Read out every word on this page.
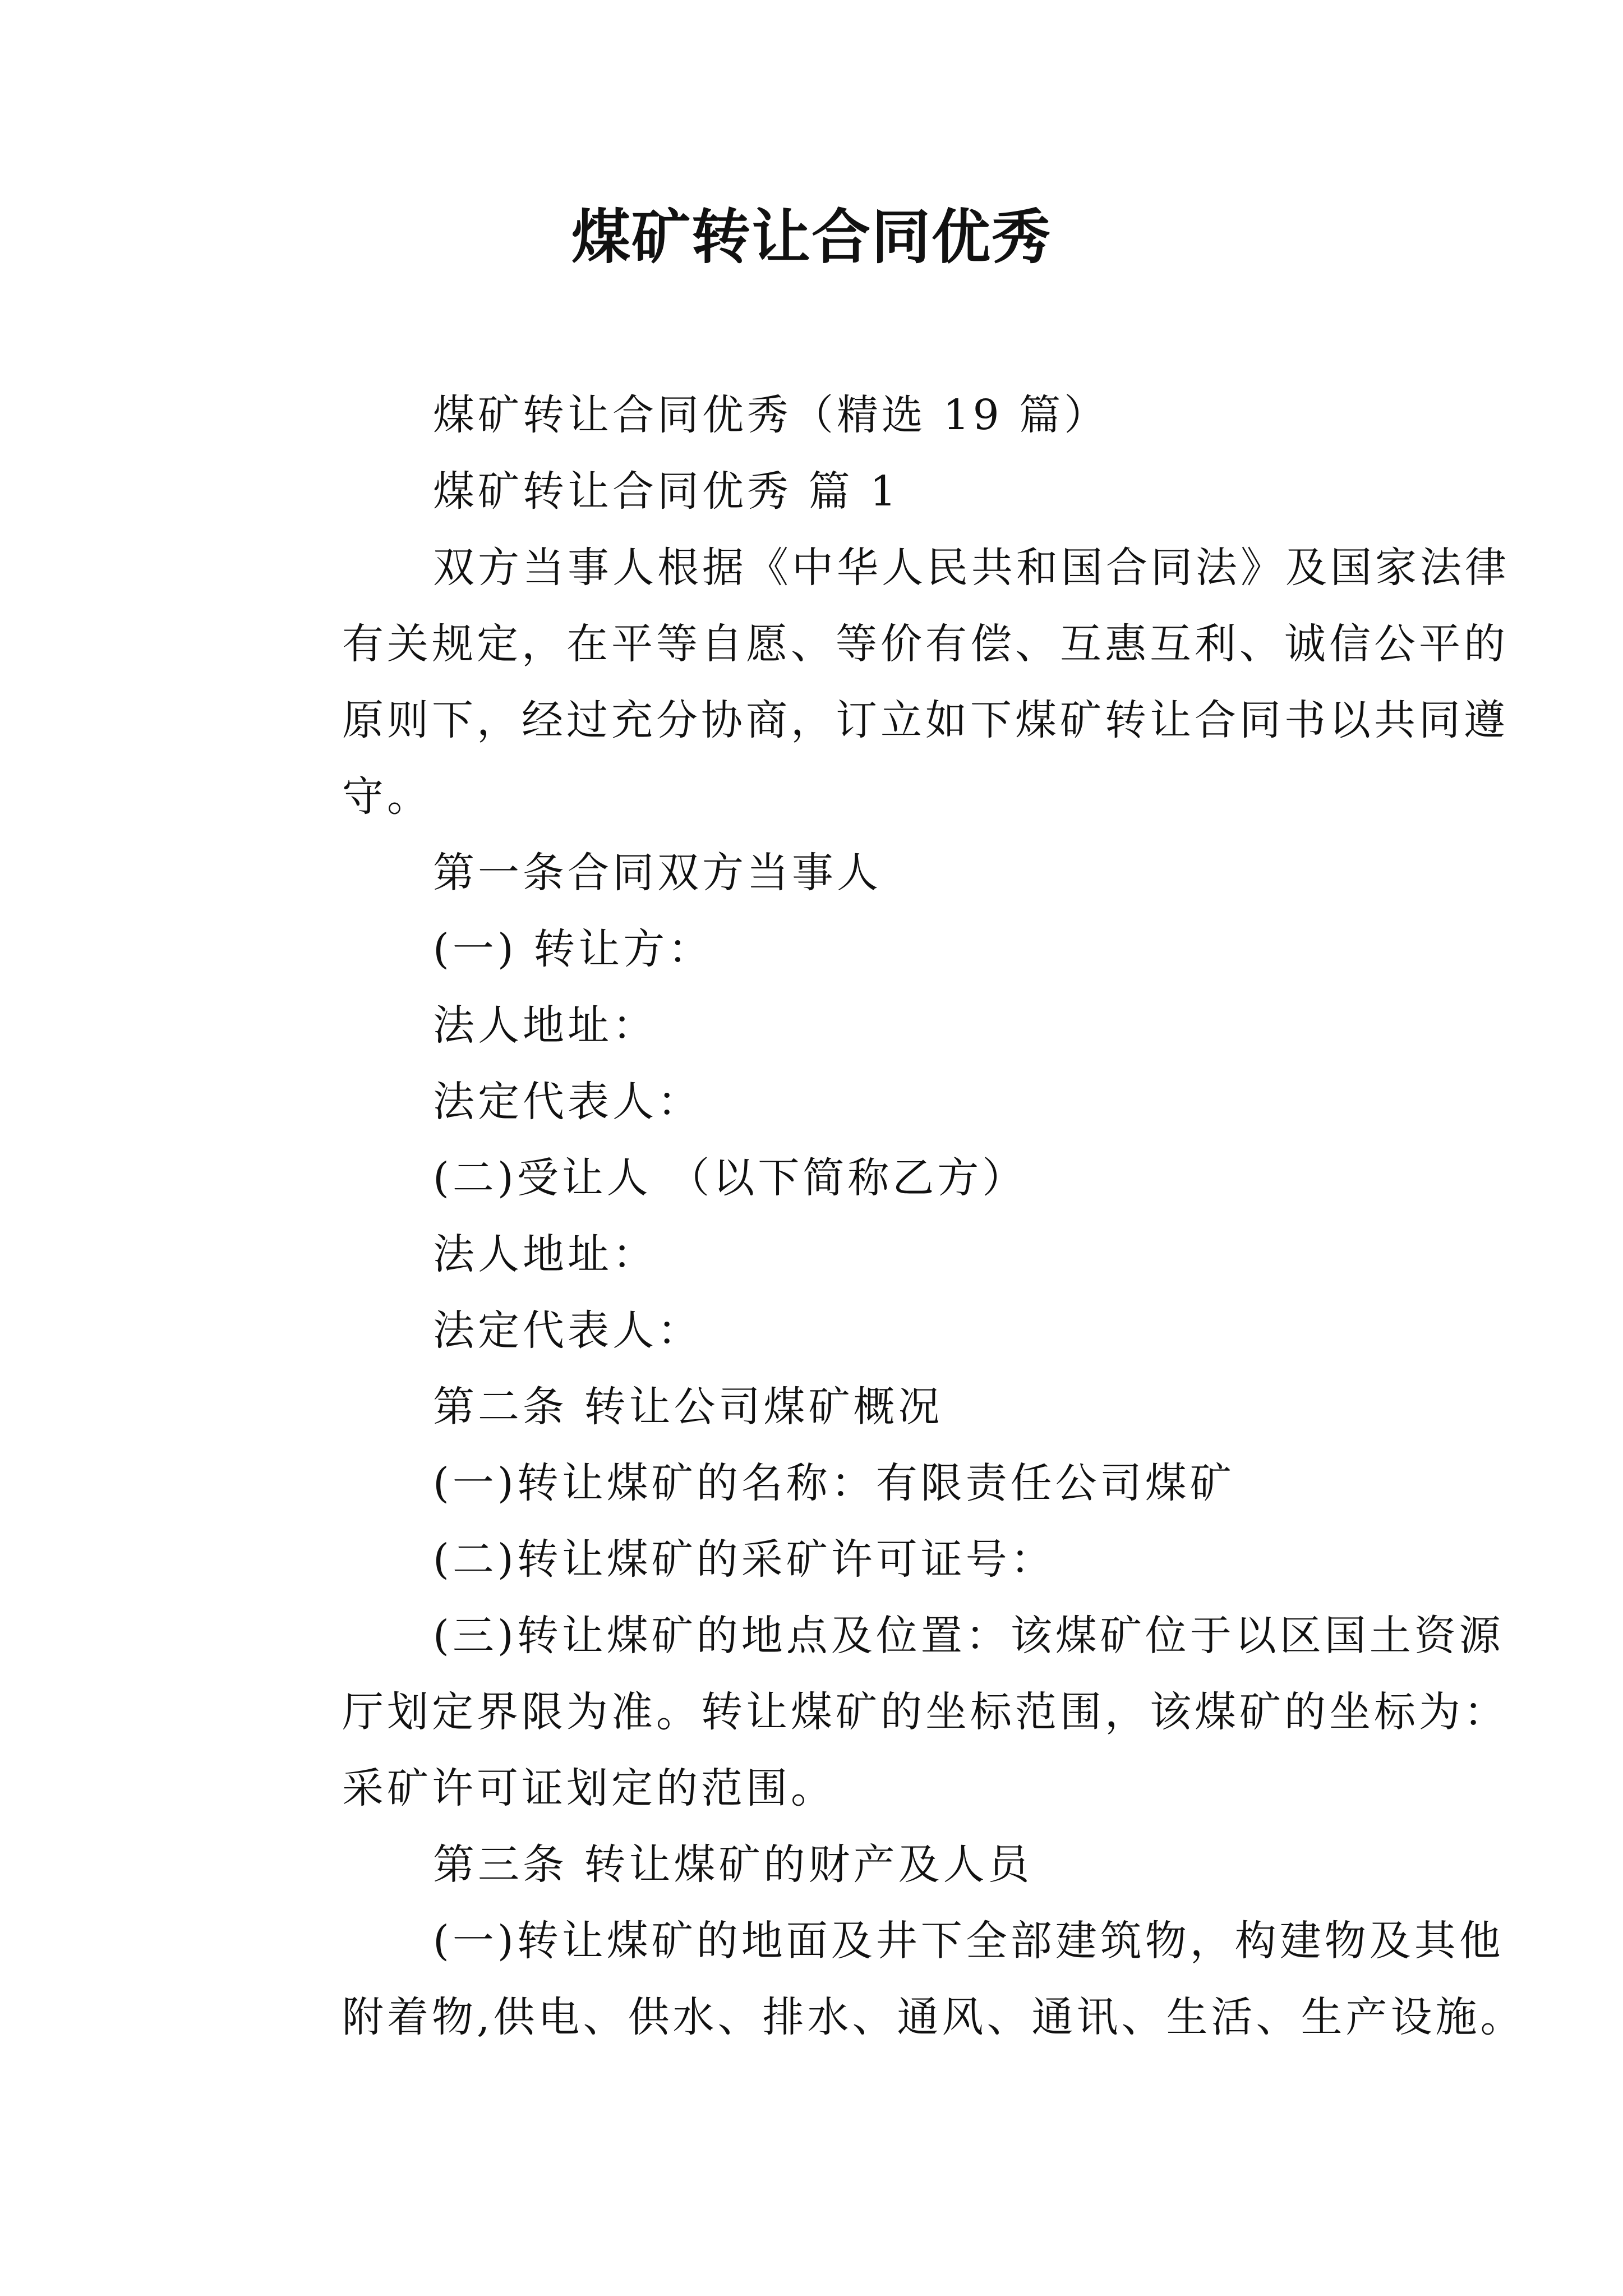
煤矿转让合同优秀

煤矿转让合同优秀（精选 19 篇）

煤矿转让合同优秀 篇 1

双方当事人根据《中华人民共和国合同法》及国家法律
有关规定，在平等自愿、等价有偿、互惠互利、诚信公平的
原则下，经过充分协商，订立如下煤矿转让合同书以共同遵
守。

第一条合同双方当事人

(一) 转让方：

法人地址：

法定代表人：

(二)受让人 （以下简称乙方）

法人地址：

法定代表人：

第二条 转让公司煤矿概况

(一)转让煤矿的名称：有限责任公司煤矿

(二)转让煤矿的采矿许可证号：

(三)转让煤矿的地点及位置：该煤矿位于以区国土资源
厅划定界限为准。转让煤矿的坐标范围，该煤矿的坐标为：
采矿许可证划定的范围。

第三条 转让煤矿的财产及人员

(一)转让煤矿的地面及井下全部建筑物，构建物及其他
附着物,供电、供水、排水、通风、通讯、生活、生产设施。
